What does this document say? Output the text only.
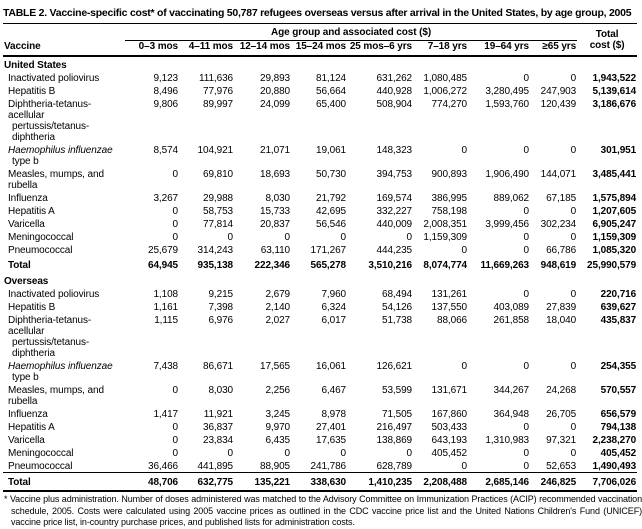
TABLE 2. Vaccine-specific cost* of vaccinating 50,787 refugees overseas versus after arrival in the United States, by age group, 2005
Vaccine	Age group and associated cost ($)								Total
cost ($)
	0–3 mos	4–11 mos	12–14 mos	15–24 mos	25 mos–6 yrs	7–18 yrs	19–64 yrs	≥65 yrs	
United States									

Inactivated poliovirus	9,123	111,636	29,893	81,124	631,262	1,080,485	0	0	1,943,522

Hepatitis B	8,496	77,976	20,880	56,664	440,928	1,006,272	3,280,495	247,903	5,139,614

Diphtheria-tetanus-acellular
pertussis/tetanus-diphtheria	9,806	89,997	24,099	65,400	508,904	774,270	1,593,760	120,439	3,186,676

Haemophilus influenzae
type b	8,574	104,921	21,071	19,061	148,323	0	0	0	301,951

Measles, mumps, and rubella	0	69,810	18,693	50,730	394,753	900,893	1,906,490	144,071	3,485,441

Influenza	3,267	29,988	8,030	21,792	169,574	386,995	889,062	67,185	1,575,894

Hepatitis A	0	58,753	15,733	42,695	332,227	758,198	0	0	1,207,605

Varicella	0	77,814	20,837	56,546	440,009	2,008,351	3,999,456	302,234	6,905,247

Meningococcal	0	0	0	0	0	1,159,309	0	0	1,159,309

Pneumococcal	25,679	314,243	63,110	171,267	444,235	0	0	66,786	1,085,320

Total	64,945	935,138	222,346	565,278	3,510,216	8,074,774	11,669,263	948,619	25,990,579
Overseas									

Inactivated poliovirus	1,108	9,215	2,679	7,960	68,494	131,261	0	0	220,716

Hepatitis B	1,161	7,398	2,140	6,324	54,126	137,550	403,089	27,839	639,627

Diphtheria-tetanus-acellular
pertussis/tetanus-diphtheria	1,115	6,976	2,027	6,017	51,738	88,066	261,858	18,040	435,837

Haemophilus influenzae
type b	7,438	86,671	17,565	16,061	126,621	0	0	0	254,355

Measles, mumps, and rubella	0	8,030	2,256	6,467	53,599	131,671	344,267	24,268	570,557

Influenza	1,417	11,921	3,245	8,978	71,505	167,860	364,948	26,705	656,579

Hepatitis A	0	36,837	9,970	27,401	216,497	503,433	0	0	794,138

Varicella	0	23,834	6,435	17,635	138,869	643,193	1,310,983	97,321	2,238,270

Meningococcal	0	0	0	0	0	405,452	0	0	405,452

Pneumococcal	36,466	441,895	88,905	241,786	628,789	0	0	52,653	1,490,493

Total	48,706	632,775	135,221	338,630	1,410,235	2,208,488	2,685,146	246,825	7,706,026
* Vaccine plus administration. Number of doses administered was matched to the Advisory Committee on Immunization Practices (ACIP) recommended vaccination schedule, 2005. Costs were calculated using 2005 vaccine prices as outlined in the CDC vaccine price list and the United Nations Children's Fund (UNICEF) vaccine price list, in-country purchase prices, and published lists for administration costs.
